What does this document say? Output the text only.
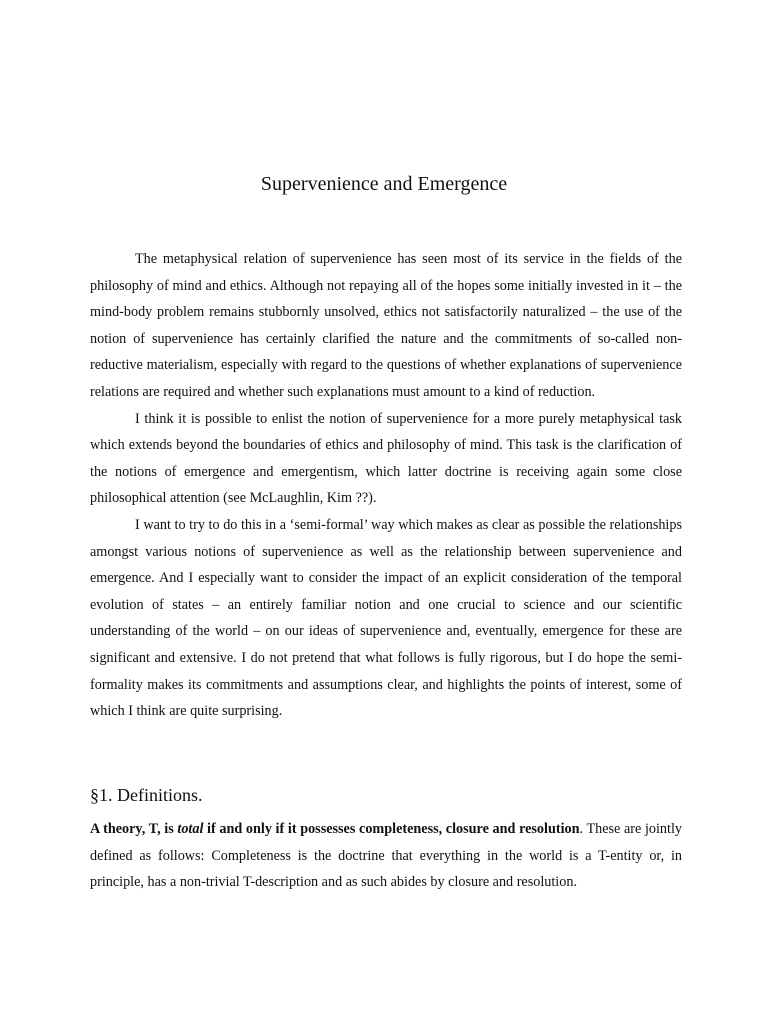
Supervenience and Emergence

The metaphysical relation of supervenience has seen most of its service in the fields of the philosophy of mind and ethics. Although not repaying all of the hopes some initially invested in it – the mind-body problem remains stubbornly unsolved, ethics not satisfactorily naturalized – the use of the notion of supervenience has certainly clarified the nature and the commitments of so-called non-reductive materialism, especially with regard to the questions of whether explanations of supervenience relations are required and whether such explanations must amount to a kind of reduction.

I think it is possible to enlist the notion of supervenience for a more purely metaphysical task which extends beyond the boundaries of ethics and philosophy of mind. This task is the clarification of the notions of emergence and emergentism, which latter doctrine is receiving again some close philosophical attention (see McLaughlin, Kim ??).

I want to try to do this in a ‘semi-formal’ way which makes as clear as possible the relationships amongst various notions of supervenience as well as the relationship between supervenience and emergence. And I especially want to consider the impact of an explicit consideration of the temporal evolution of states – an entirely familiar notion and one crucial to science and our scientific understanding of the world – on our ideas of supervenience and, eventually, emergence for these are significant and extensive. I do not pretend that what follows is fully rigorous, but I do hope the semi-formality makes its commitments and assumptions clear, and highlights the points of interest, some of which I think are quite surprising.

§1. Definitions.

A theory, T, is total if and only if it possesses completeness, closure and resolution. These are jointly defined as follows: Completeness is the doctrine that everything in the world is a T-entity or, in principle, has a non-trivial T-description and as such abides by closure and resolution.
